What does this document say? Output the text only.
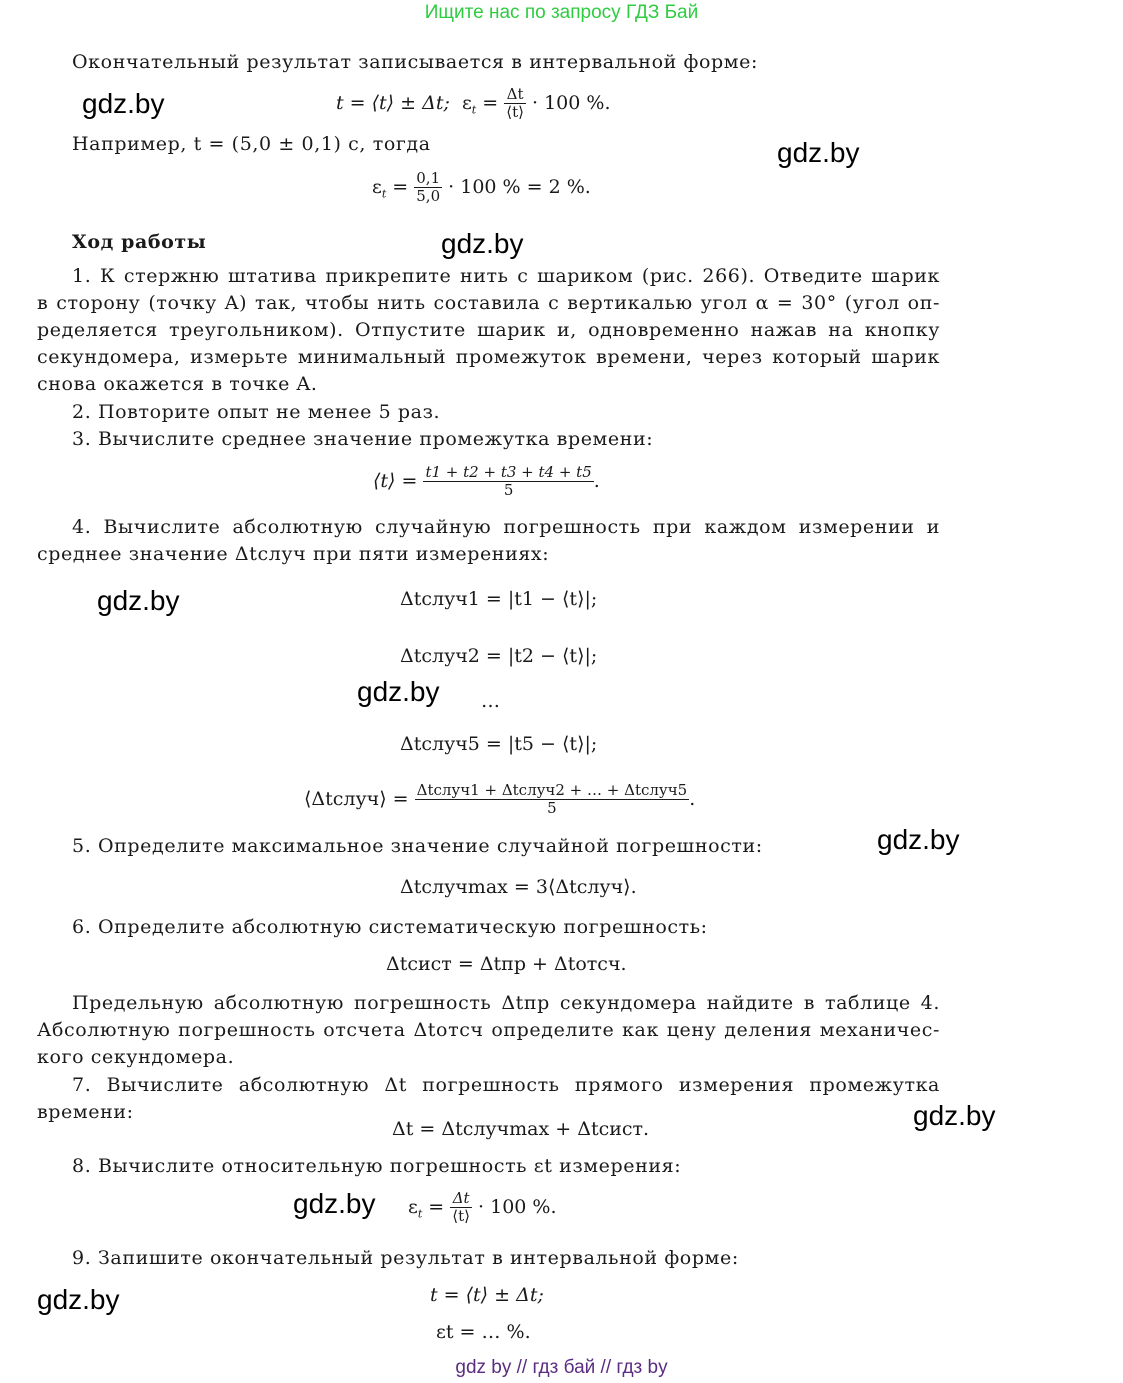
Ищите нас по запросу ГДЗ Бай
gdz.by
gdz.by
gdz.by
gdz.by
gdz.by
gdz.by
gdz.by
gdz.by
gdz.by
Окончательный результат записывается в интервальной форме:
t = ⟨t⟩ ± Δt; $\varepsilon_t = \frac{\Delta t}{⟨t⟩} \cdot 100$ %.
Например, t = (5,0 ± 0,1) с, тогда
$\varepsilon_t = \frac{0,1}{5,0} \cdot 100$ % = 2 %.
Ход работы
1. К стержню штатива прикрепите нить с шариком (рис. 266). Отведите шарик
в сторону (точку A) так, чтобы нить составила с вертикалью угол α = 30° (угол оп-
ределяется треугольником). Отпустите шарик и, одновременно нажав на кнопку
секундомера, измерьте минимальный промежуток времени, через который шарик
снова окажется в точке A.
2. Повторите опыт не менее 5 раз.
3. Вычислите среднее значение промежутка времени:
⟨t⟩ = $\frac{t1 + t2 + t3 + t4 + t5}{5}$ .
4. Вычислите абсолютную случайную погрешность при каждом измерении и
среднее значение Δtслуч при пяти измерениях:
Δtслуч1 = |t1 − ⟨t⟩|;
Δtслуч2 = |t2 − ⟨t⟩|;
…
Δtслуч5 = |t5 − ⟨t⟩|;
⟨Δtслуч⟩ = $\frac{\text{Δtслуч1 + Δtслуч2 + … + Δtслуч5}}{5}$ .
5. Определите максимальное значение случайной погрешности:
Δtслучmax = 3⟨Δtслуч⟩.
6. Определите абсолютную систематическую погрешность:
Δtсист = Δtпр + Δtотсч.
Предельную абсолютную погрешность Δtпр секундомера найдите в таблице 4.
Абсолютную погрешность отсчета Δtотсч определите как цену деления механичес-
кого секундомера.
7. Вычислите абсолютную Δt погрешность прямого измерения промежутка
времени:
Δt = Δtслучmax + Δtсист.
8. Вычислите относительную погрешность εt измерения:
$\varepsilon_t = \frac{\Delta t}{⟨t⟩} \cdot 100$ %.
9. Запишите окончательный результат в интервальной форме:
t = ⟨t⟩ ± Δt;
εt = … %.
gdz by // гдз бай // гдз by
